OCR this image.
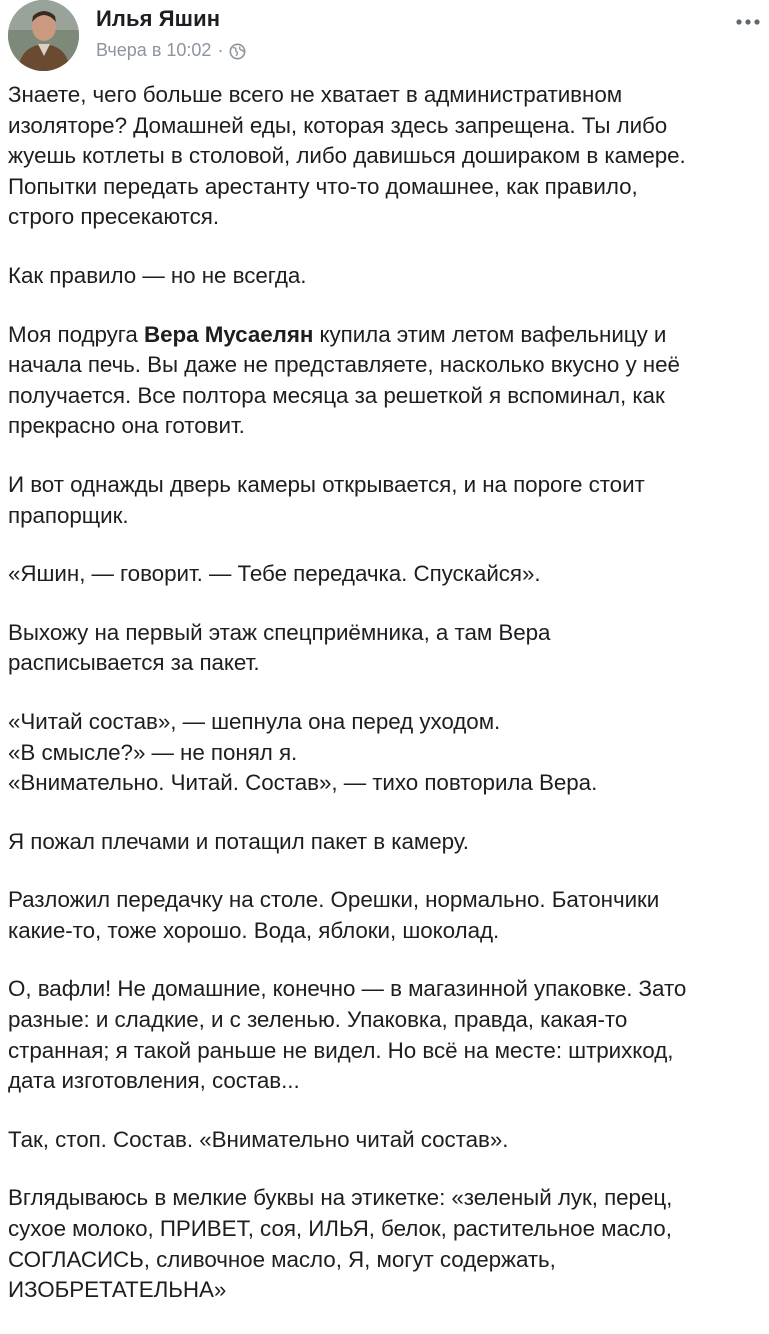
Илья Яшин
Вчера в 10:02 ·

Знаете, чего больше всего не хватает в административном
изоляторе? Домашней еды, которая здесь запрещена. Ты либо
жуешь котлеты в столовой, либо давишься дошираком в камере.
Попытки передать арестанту что-то домашнее, как правило,
строго пресекаются.

Как правило — но не всегда.

Моя подруга Вера Мусаелян купила этим летом вафельницу и
начала печь. Вы даже не представляете, насколько вкусно у неё
получается. Все полтора месяца за решеткой я вспоминал, как
прекрасно она готовит.

И вот однажды дверь камеры открывается, и на пороге стоит
прапорщик.

«Яшин, — говорит. — Тебе передачка. Спускайся».

Выхожу на первый этаж спецприёмника, а там Вера
расписывается за пакет.

«Читай состав», — шепнула она перед уходом.
«В смысле?» — не понял я.
«Внимательно. Читай. Состав», — тихо повторила Вера.

Я пожал плечами и потащил пакет в камеру.

Разложил передачку на столе. Орешки, нормально. Батончики
какие-то, тоже хорошо. Вода, яблоки, шоколад.

О, вафли! Не домашние, конечно — в магазинной упаковке. Зато
разные: и сладкие, и с зеленью. Упаковка, правда, какая-то
странная; я такой раньше не видел. Но всё на месте: штрихкод,
дата изготовления, состав...

Так, стоп. Состав. «Внимательно читай состав».

Вглядываюсь в мелкие буквы на этикетке: «зеленый лук, перец,
сухое молоко, ПРИВЕТ, соя, ИЛЬЯ, белок, растительное масло,
СОГЛАСИСЬ, сливочное масло, Я, могут содержать,
ИЗОБРЕТАТЕЛЬНА»
